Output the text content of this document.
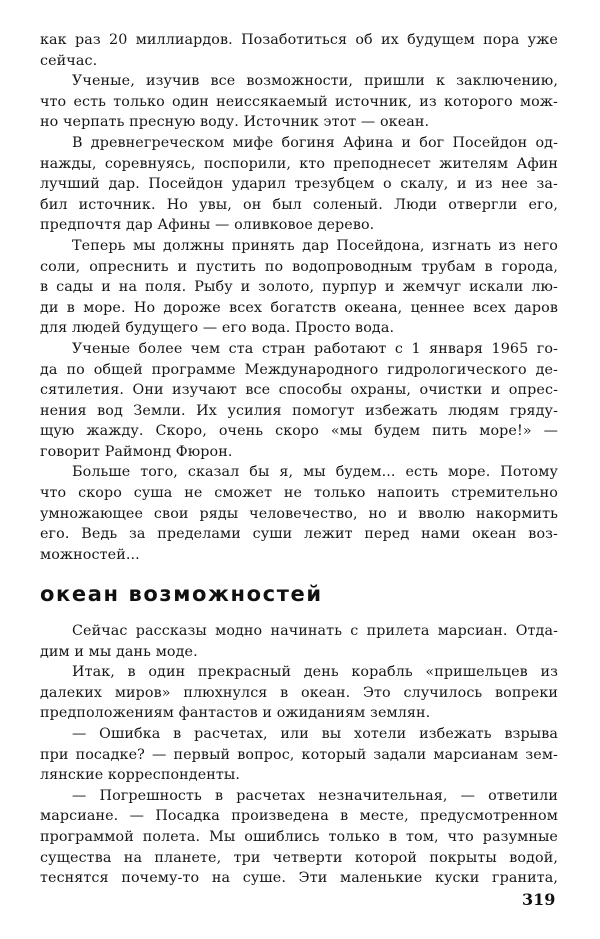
как раз 20 миллиардов. Позаботиться об их будущем пора уже
сейчас.
Ученые, изучив все возможности, пришли к заключению,
что есть только один неиссякаемый источник, из которого мож-
но черпать пресную воду. Источник этот — океан.
В древнегреческом мифе богиня Афина и бог Посейдон од-
нажды, соревнуясь, поспорили, кто преподнесет жителям Афин
лучший дар. Посейдон ударил трезубцем о скалу, и из нее за-
бил источник. Но увы, он был соленый. Люди отвергли его,
предпочтя дар Афины — оливковое дерево.
Теперь мы должны принять дар Посейдона, изгнать из него
соли, опреснить и пустить по водопроводным трубам в города,
в сады и на поля. Рыбу и золото, пурпур и жемчуг искали лю-
ди в море. Но дороже всех богатств океана, ценнее всех даров
для людей будущего — его вода. Просто вода.
Ученые более чем ста стран работают с 1 января 1965 го-
да по общей программе Международного гидрологического де-
сятилетия. Они изучают все способы охраны, очистки и опрес-
нения вод Земли. Их усилия помогут избежать людям гряду-
щую жажду. Скоро, очень скоро «мы будем пить море!» —
говорит Раймонд Фюрон.
Больше того, сказал бы я, мы будем... есть море. Потому
что скоро суша не сможет не только напоить стремительно
умножающее свои ряды человечество, но и вволю накормить
его. Ведь за пределами суши лежит перед нами океан воз-
можностей...
океан возможностей
Сейчас рассказы модно начинать с прилета марсиан. Отда-
дим и мы дань моде.
Итак, в один прекрасный день корабль «пришельцев из
далеких миров» плюхнулся в океан. Это случилось вопреки
предположениям фантастов и ожиданиям землян.
— Ошибка в расчетах, или вы хотели избежать взрыва
при посадке? — первый вопрос, который задали марсианам зем-
лянские корреспонденты.
— Погрешность в расчетах незначительная, — ответили
марсиане. — Посадка произведена в месте, предусмотренном
программой полета. Мы ошиблись только в том, что разумные
существа на планете, три четверти которой покрыты водой,
теснятся почему-то на суше. Эти маленькие куски гранита,
319
